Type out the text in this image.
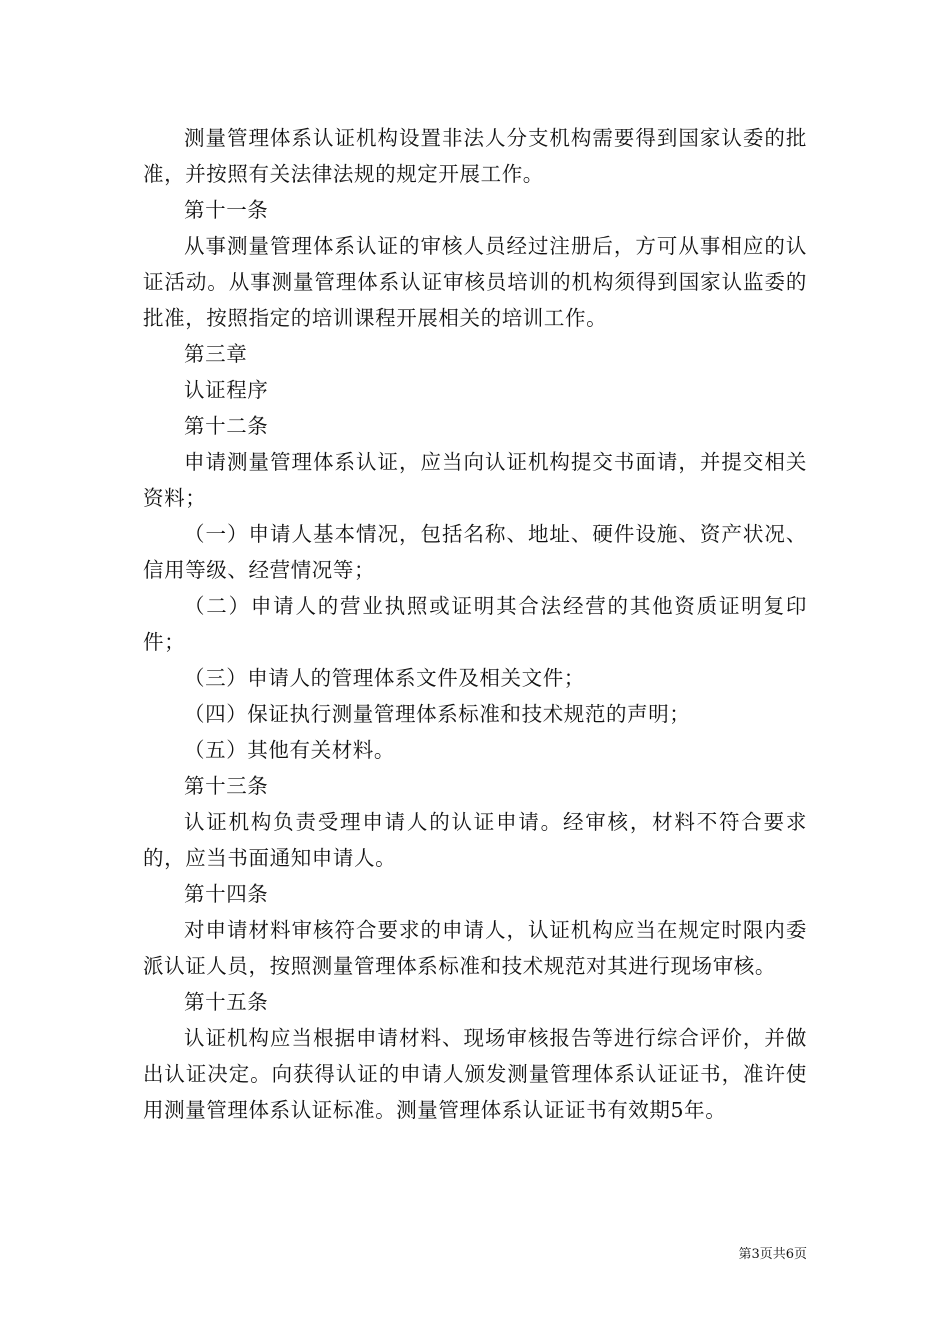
测量管理体系认证机构设置非法人分支机构需要得到国家认委的批准，并按照有关法律法规的规定开展工作。

第十一条

从事测量管理体系认证的审核人员经过注册后，方可从事相应的认证活动。从事测量管理体系认证审核员培训的机构须得到国家认监委的批准，按照指定的培训课程开展相关的培训工作。

第三章

认证程序

第十二条

申请测量管理体系认证，应当向认证机构提交书面请，并提交相关资料；

（一）申请人基本情况，包括名称、地址、硬件设施、资产状况、信用等级、经营情况等；

（二）申请人的营业执照或证明其合法经营的其他资质证明复印件；

（三）申请人的管理体系文件及相关文件；

（四）保证执行测量管理体系标准和技术规范的声明；

（五）其他有关材料。

第十三条

认证机构负责受理申请人的认证申请。经审核，材料不符合要求的，应当书面通知申请人。

第十四条

对申请材料审核符合要求的申请人，认证机构应当在规定时限内委派认证人员，按照测量管理体系标准和技术规范对其进行现场审核。

第十五条

认证机构应当根据申请材料、现场审核报告等进行综合评价，并做出认证决定。向获得认证的申请人颁发测量管理体系认证证书，准许使用测量管理体系认证标准。测量管理体系认证证书有效期5年。

第3页共6页
